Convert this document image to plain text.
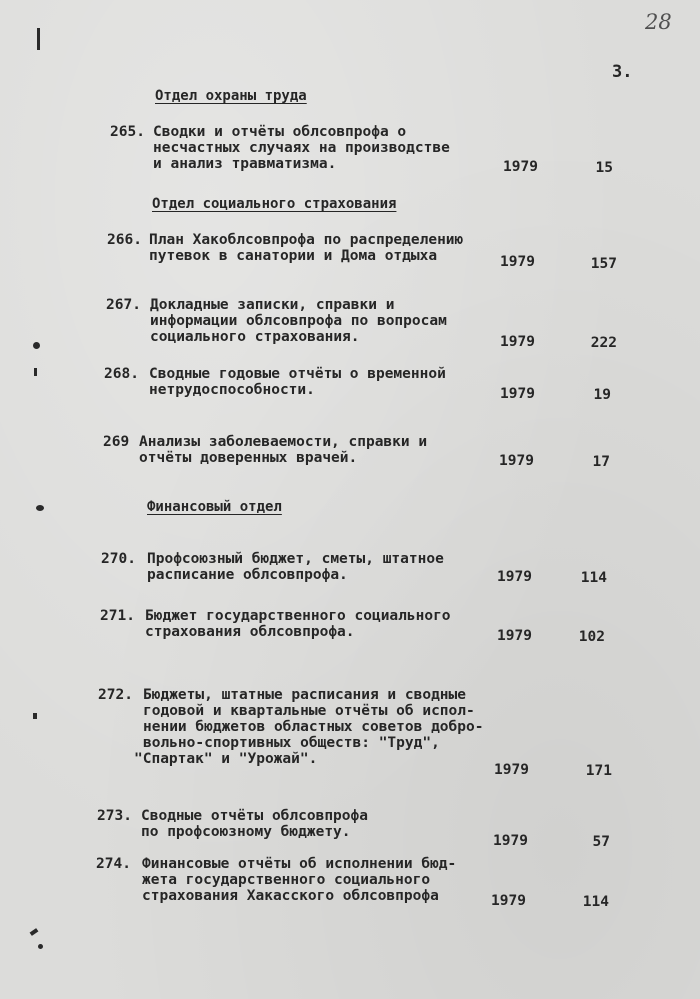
28
3.
Отдел охраны труда
Отдел социального страхования
Финансовый отдел
265. Сводки и отчёты облсовпрофа о
несчастных случаях на производстве
и анализ травматизма.	1979	15
266. План Хакоблсовпрофа по распределению
путевок в санатории и Дома отдыха	1979	157
267. Докладные записки, справки и
информации облсовпрофа по вопросам
социального страхования.	1979	222
268. Сводные годовые отчёты о временной
нетрудоспособности.	1979	19
269 Анализы заболеваемости, справки и
отчёты доверенных врачей.	1979	17
270. Профсоюзный бюджет, сметы, штатное
расписание облсовпрофа.	1979	114
271. Бюджет государственного социального
страхования облсовпрофа.	1979	102
272. Бюджеты, штатные расписания и сводные
годовой и квартальные отчёты об испол-
нении бюджетов областных советов добро-
вольно-спортивных обществ: "Труд",
"Спартак" и "Урожай".
1979	171
273. Сводные отчёты облсовпрофа
по профсоюзному бюджету.
1979	57
274. Финансовые отчёты об исполнении бюд-
жета государственного социального
страхования Хакасского облсовпрофа	1979	114
